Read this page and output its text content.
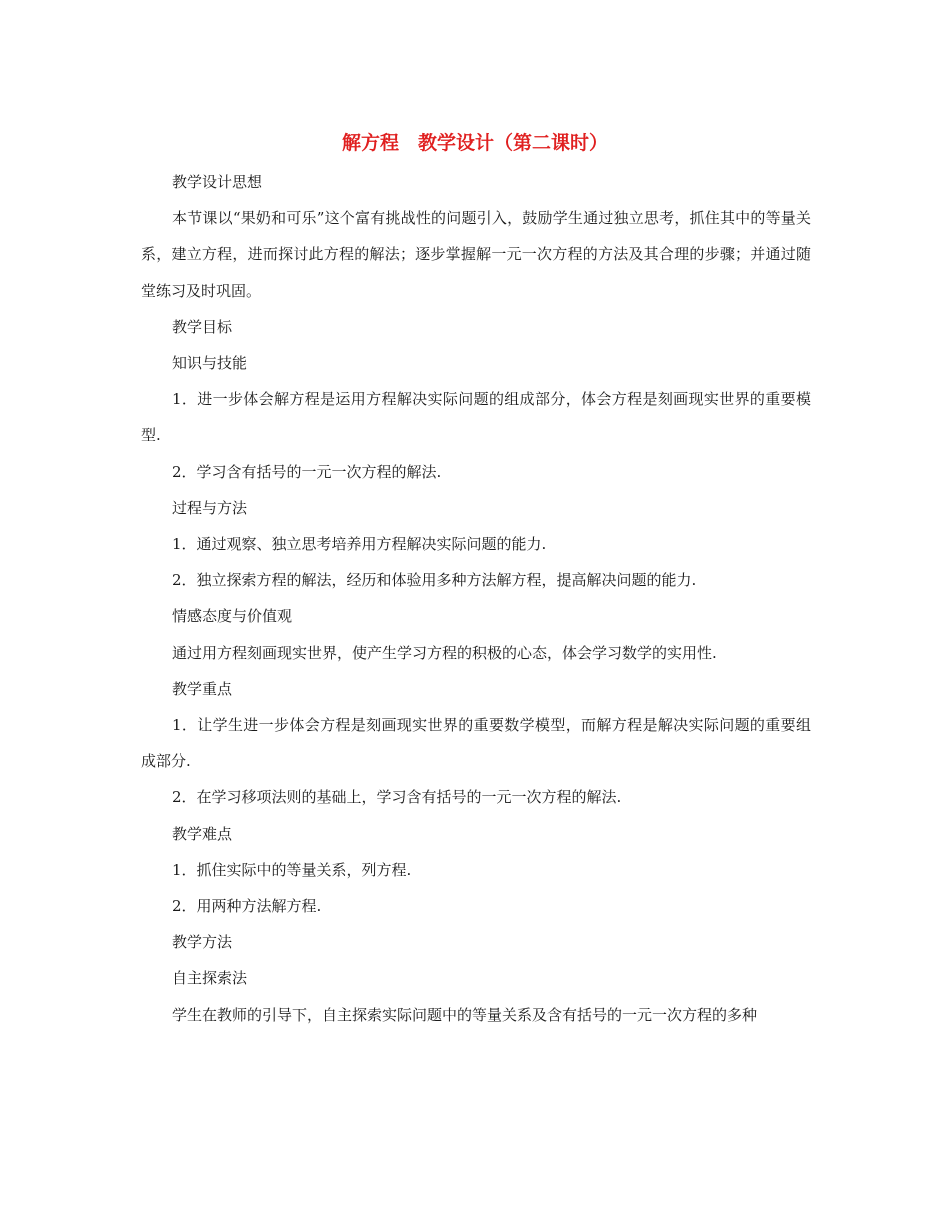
解方程　教学设计（第二课时）

教学设计思想

本节课以“果奶和可乐”这个富有挑战性的问题引入，鼓励学生通过独立思考，抓住其中的等量关系，建立方程，进而探讨此方程的解法；逐步掌握解一元一次方程的方法及其合理的步骤；并通过随堂练习及时巩固。

教学目标

知识与技能

1．进一步体会解方程是运用方程解决实际问题的组成部分，体会方程是刻画现实世界的重要模型.

2．学习含有括号的一元一次方程的解法.

过程与方法

1．通过观察、独立思考培养用方程解决实际问题的能力.

2．独立探索方程的解法，经历和体验用多种方法解方程，提高解决问题的能力.

情感态度与价值观

通过用方程刻画现实世界，使产生学习方程的积极的心态，体会学习数学的实用性.

教学重点

1．让学生进一步体会方程是刻画现实世界的重要数学模型，而解方程是解决实际问题的重要组成部分.

2．在学习移项法则的基础上，学习含有括号的一元一次方程的解法.

教学难点

1．抓住实际中的等量关系，列方程.

2．用两种方法解方程.

教学方法

自主探索法

学生在教师的引导下，自主探索实际问题中的等量关系及含有括号的一元一次方程的多种
